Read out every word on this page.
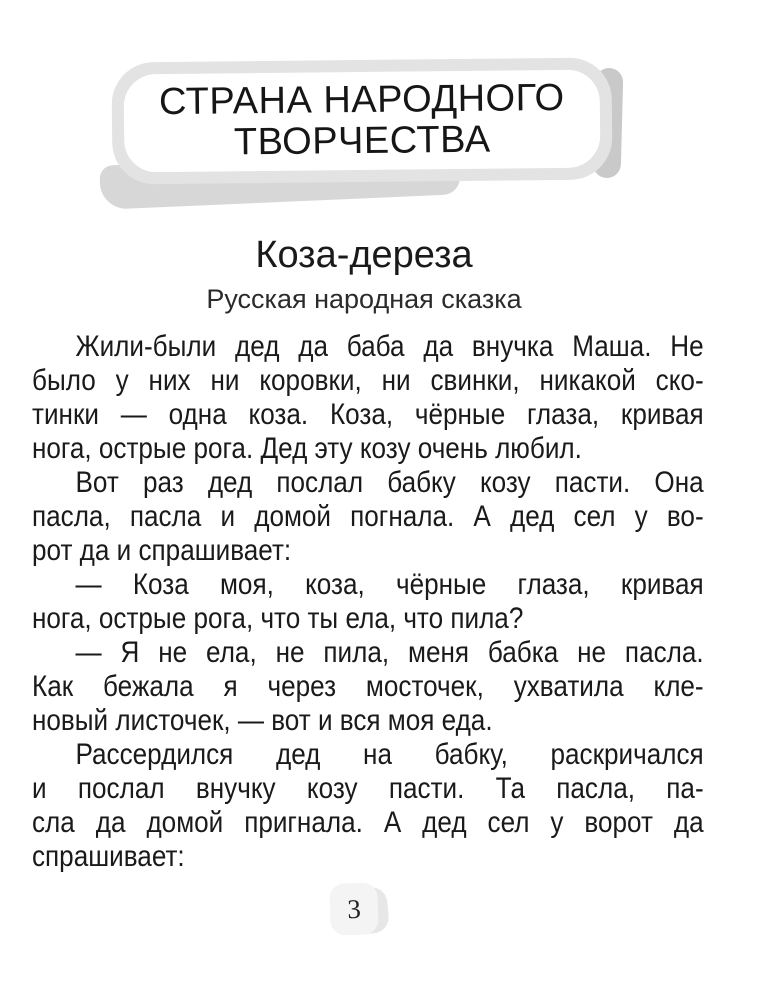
СТРАНА НАРОДНОГО
ТВОРЧЕСТВА
Коза-дереза
Русская народная сказка
Жили-были дед да баба да внучка Маша. Не
было у них ни коровки, ни свинки, никакой ско-
тинки — одна коза. Коза, чёрные глаза, кривая
нога, острые рога. Дед эту козу очень любил.
Вот раз дед послал бабку козу пасти. Она
пасла, пасла и домой погнала. А дед сел у во-
рот да и спрашивает:
— Коза моя, коза, чёрные глаза, кривая
нога, острые рога, что ты ела, что пила?
— Я не ела, не пила, меня бабка не пасла.
Как бежала я через мосточек, ухватила кле-
новый листочек, — вот и вся моя еда.
Рассердился дед на бабку, раскричался
и послал внучку козу пасти. Та пасла, па-
сла да домой пригнала. А дед сел у ворот да
спрашивает:
3
